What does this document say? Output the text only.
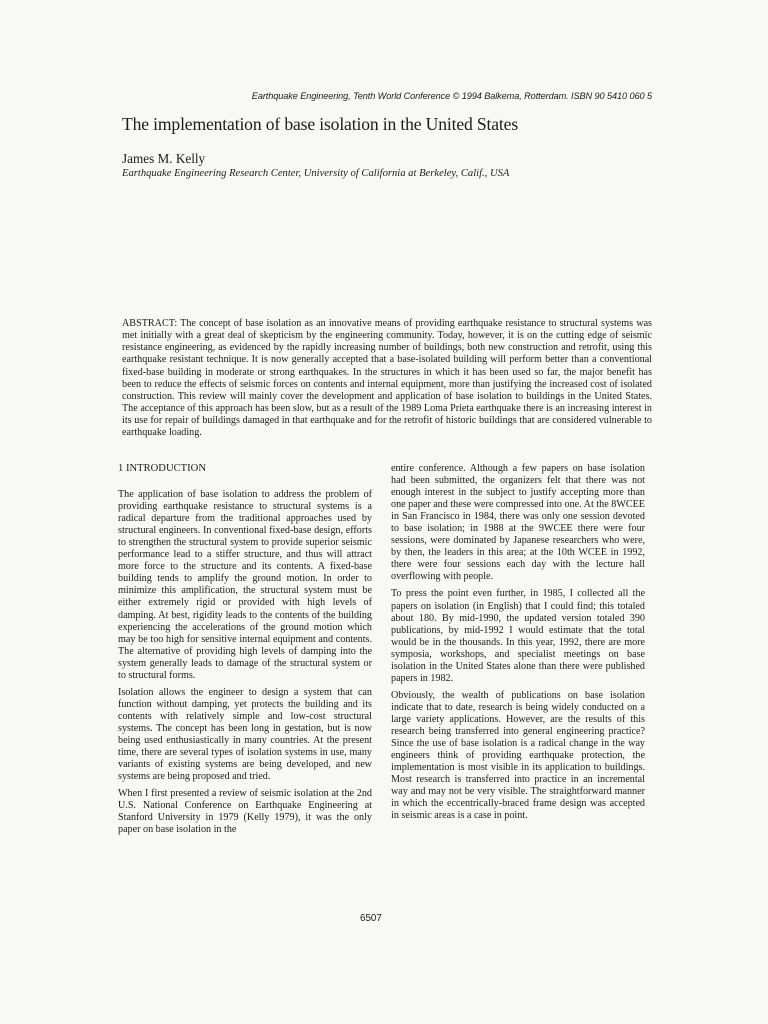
Earthquake Engineering, Tenth World Conference © 1994 Balkema, Rotterdam. ISBN 90 5410 060 5
The implementation of base isolation in the United States
James M. Kelly
Earthquake Engineering Research Center, University of California at Berkeley, Calif., USA

ABSTRACT: The concept of base isolation as an innovative means of providing earthquake resistance to structural systems was met initially with a great deal of skepticism by the engineering community. Today, however, it is on the cutting edge of seismic resistance engineering, as evidenced by the rapidly increasing number of buildings, both new construction and retrofit, using this earthquake resistant technique. It is now generally accepted that a base-isolated building will perform better than a conventional fixed-base building in moderate or strong earthquakes. In the structures in which it has been used so far, the major benefit has been to reduce the effects of seismic forces on contents and internal equipment, more than justifying the increased cost of isolated construction. This review will mainly cover the development and application of base isolation to buildings in the United States. The acceptance of this approach has been slow, but as a result of the 1989 Loma Prieta earthquake there is an increasing interest in its use for repair of buildings damaged in that earthquake and for the retrofit of historic buildings that are considered vulnerable to earthquake loading.

1 INTRODUCTION

The application of base isolation to address the problem of providing earthquake resistance to structural systems is a radical departure from the traditional approaches used by structural engineers. In conventional fixed-base design, efforts to strengthen the structural system to provide superior seismic performance lead to a stiffer structure, and thus will attract more force to the structure and its contents. A fixed-base building tends to amplify the ground motion. In order to minimize this amplification, the structural system must be either extremely rigid or provided with high levels of damping. At best, rigidity leads to the contents of the building experiencing the accelerations of the ground motion which may be too high for sensitive internal equipment and contents. The alternative of providing high levels of damping into the system generally leads to damage of the structural system or to structural forms.

Isolation allows the engineer to design a system that can function without damping, yet protects the building and its contents with relatively simple and low-cost structural systems. The concept has been long in gestation, but is now being used enthusiastically in many countries. At the present time, there are several types of isolation systems in use, many variants of existing systems are being developed, and new systems are being proposed and tried.

When I first presented a review of seismic isolation at the 2nd U.S. National Conference on Earthquake Engineering at Stanford University in 1979 (Kelly 1979), it was the only paper on base isolation in the

entire conference. Although a few papers on base isolation had been submitted, the organizers felt that there was not enough interest in the subject to justify accepting more than one paper and these were compressed into one. At the 8WCEE in San Francisco in 1984, there was only one session devoted to base isolation; in 1988 at the 9WCEE there were four sessions, were dominated by Japanese researchers who were, by then, the leaders in this area; at the 10th WCEE in 1992, there were four sessions each day with the lecture hall overflowing with people.

To press the point even further, in 1985, I collected all the papers on isolation (in English) that I could find; this totaled about 180. By mid-1990, the updated version totaled 390 publications, by mid-1992 I would estimate that the total would be in the thousands. In this year, 1992, there are more symposia, workshops, and specialist meetings on base isolation in the United States alone than there were published papers in 1982.

Obviously, the wealth of publications on base isolation indicate that to date, research is being widely conducted on a large variety applications. However, are the results of this research being transferred into general engineering practice? Since the use of base isolation is a radical change in the way engineers think of providing earthquake protection, the implementation is most visible in its application to buildings. Most research is transferred into practice in an incremental way and may not be very visible. The straightforward manner in which the eccentrically-braced frame design was accepted in seismic areas is a case in point.

6507
